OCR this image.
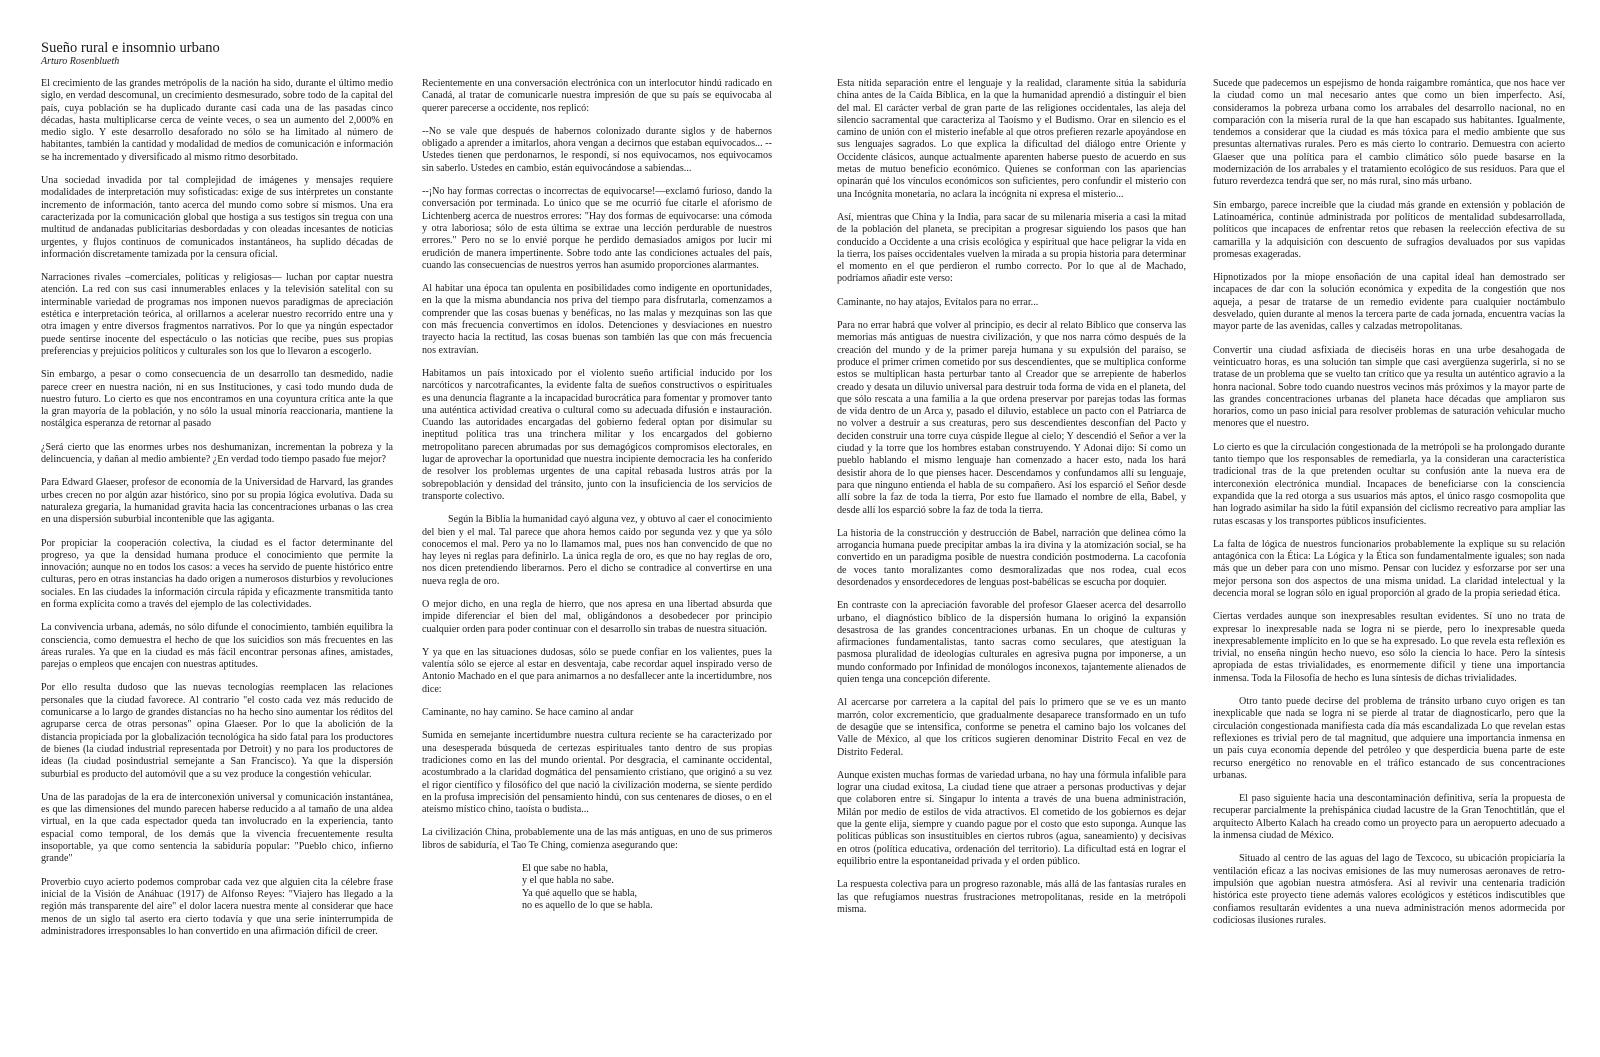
Sueño rural e insomnio urbano
Arturo Rosenblueth

El crecimiento de las grandes metrópolis de la nación ha sido, durante el último medio siglo, en verdad descomunal, un crecimiento desmesurado, sobre todo de la capital del país, cuya población se ha duplicado durante casi cada una de las pasadas cinco décadas, hasta multiplicarse cerca de veinte veces, o sea un aumento del 2,000% en medio siglo. Y este desarrollo desaforado no sólo se ha limitado al número de habitantes, también la cantidad y modalidad de medios de comunicación e información se ha incrementado y diversificado al mismo ritmo desorbitado.

Una sociedad invadida por tal complejidad de imágenes y mensajes requiere modalidades de interpretación muy sofisticadas: exige de sus intérpretes un constante incremento de información, tanto acerca del mundo como sobre sí mismos. Una era caracterizada por la comunicación global que hostiga a sus testigos sin tregua con una multitud de andanadas publicitarias desbordadas y con oleadas incesantes de noticias urgentes, y flujos continuos de comunicados instantáneos, ha suplido décadas de información discretamente tamizada por la censura oficial.

Narraciones rivales –comerciales, políticas y religiosas— luchan por captar nuestra atención. La red con sus casi innumerables enlaces y la televisión satelital con su interminable variedad de programas nos imponen nuevos paradigmas de apreciación estética e interpretación teórica, al orillarnos a acelerar nuestro recorrido entre una y otra imagen y entre diversos fragmentos narrativos. Por lo que ya ningún espectador puede sentirse inocente del espectáculo o las noticias que recibe, pues sus propias preferencias y prejuicios políticos y culturales son los que lo llevaron a escogerlo.

Sin embargo, a pesar o como consecuencia de un desarrollo tan desmedido, nadie parece creer en nuestra nación, ni en sus Instituciones, y casi todo mundo duda de nuestro futuro. Lo cierto es que nos encontramos en una coyuntura crítica ante la que la gran mayoría de la población, y no sólo la usual minoría reaccionaria, mantiene la nostálgica esperanza de retornar al pasado

¿Será cierto que las enormes urbes nos deshumanizan, incrementan la pobreza y la delincuencia, y dañan al medio ambiente? ¿En verdad todo tiempo pasado fue mejor?

Para Edward Glaeser, profesor de economía de la Universidad de Harvard, las grandes urbes crecen no por algún azar histórico, sino por su propia lógica evolutiva. Dada su naturaleza gregaria, la humanidad gravita hacia las concentraciones urbanas o las crea en una dispersión suburbial incontenible que las agiganta.

Por propiciar la cooperación colectiva, la ciudad es el factor determinante del progreso, ya que la densidad humana produce el conocimiento que permite la innovación; aunque no en todos los casos: a veces ha servido de puente histórico entre culturas, pero en otras instancias ha dado origen a numerosos disturbios y revoluciones sociales. En las ciudades la información circula rápida y eficazmente transmitida tanto en forma explícita como a través del ejemplo de las colectividades.

La convivencia urbana, además, no sólo difunde el conocimiento, también equilibra la consciencia, como demuestra el hecho de que los suicidios son más frecuentes en las áreas rurales. Ya que en la ciudad es más fácil encontrar personas afines, amistades, parejas o empleos que encajen con nuestras aptitudes.

Por ello resulta dudoso que las nuevas tecnologías reemplacen las relaciones personales que la ciudad favorece. Al contrario "el costo cada vez más reducido de comunicarse a lo largo de grandes distancias no ha hecho sino aumentar los réditos del agruparse cerca de otras personas" opina Glaeser. Por lo que la abolición de la distancia propiciada por la globalización tecnológica ha sido fatal para los productores de bienes (la ciudad industrial representada por Detroit) y no para los productores de ideas (la ciudad posindustrial semejante a San Francisco). Ya que la dispersión suburbial es producto del automóvil que a su vez produce la congestión vehicular.

Una de las paradojas de la era de interconexión universal y comunicación instantánea, es que las dimensiones del mundo parecen haberse reducido a al tamaño de una aldea virtual, en la que cada espectador queda tan involucrado en la experiencia, tanto espacial como temporal, de los demás que la vivencia frecuentemente resulta insoportable, ya que como sentencia la sabiduría popular: "Pueblo chico, infierno grande"

Proverbio cuyo acierto podemos comprobar cada vez que alguien cita la célebre frase inicial de la Visión de Anáhuac (1917) de Alfonso Reyes: "Viajero has llegado a la región más transparente del aire" el dolor lacera nuestra mente al considerar que hace menos de un siglo tal aserto era cierto todavía y que una serie ininterrumpida de administradores irresponsables lo han convertido en una afirmación difícil de creer.

Recientemente en una conversación electrónica con un interlocutor hindú radicado en Canadá, al tratar de comunicarle nuestra impresión de que su país se equivocaba al querer parecerse a occidente, nos replicó:

--No se vale que después de habernos colonizado durante siglos y de habernos obligado a aprender a imitarlos, ahora vengan a decirnos que estaban equivocados... --Ustedes tienen que perdonarnos, le respondí, sí nos equivocamos, nos equivocamos sin saberlo. Ustedes en cambio, están equivocándose a sabiendas...

--¡No hay formas correctas o incorrectas de equivocarse!—exclamó furioso, dando la conversación por terminada. Lo único que se me ocurrió fue citarle el aforismo de Lichtenberg acerca de nuestros errores: "Hay dos formas de equivocarse: una cómoda y otra laboriosa; sólo de esta última se extrae una lección perdurable de nuestros errores." Pero no se lo envié porque he perdido demasiados amigos por lucir mi erudición de manera impertinente. Sobre todo ante las condiciones actuales del país, cuando las consecuencias de nuestros yerros han asumido proporciones alarmantes.

Al habitar una época tan opulenta en posibilidades como indigente en oportunidades, en la que la misma abundancia nos priva del tiempo para disfrutarla, comenzamos a comprender que las cosas buenas y benéficas, no las malas y mezquinas son las que con más frecuencia convertimos en ídolos. Detenciones y desviaciones en nuestro trayecto hacia la rectitud, las cosas buenas son también las que con más frecuencia nos extravían.

Habitamos un país intoxicado por el violento sueño artificial inducido por los narcóticos y narcotraficantes, la evidente falta de sueños constructivos o espirituales es una denuncia flagrante a la incapacidad burocrática para fomentar y promover tanto una auténtica actividad creativa o cultural como su adecuada difusión e instauración. Cuando las autoridades encargadas del gobierno federal optan por disimular su ineptitud política tras una trinchera militar y los encargados del gobierno metropolitano parecen abrumadas por sus demagógicos compromisos electorales, en lugar de aprovechar la oportunidad que nuestra incipiente democracia les ha conferido de resolver los problemas urgentes de una capital rebasada lustros atrás por la sobrepoblación y densidad del tránsito, junto con la insuficiencia de los servicios de transporte colectivo.

Según la Biblia la humanidad cayó alguna vez, y obtuvo al caer el conocimiento del bien y el mal. Tal parece que ahora hemos caído por segunda vez y que ya sólo conocemos el mal. Pero ya no lo llamamos mal, pues nos han convencido de que no hay leyes ni reglas para definirlo. La única regla de oro, es que no hay reglas de oro, nos dicen pretendiendo liberarnos. Pero el dicho se contradice al convertirse en una nueva regla de oro.

O mejor dicho, en una regla de hierro, que nos apresa en una libertad absurda que impide diferenciar el bien del mal, obligándonos a desobedecer por principio cualquier orden para poder continuar con el desarrollo sin trabas de nuestra situación.

Y ya que en las situaciones dudosas, sólo se puede confiar en los valientes, pues la valentía sólo se ejerce al estar en desventaja, cabe recordar aquel inspirado verso de Antonio Machado en el que para animarnos a no desfallecer ante la incertidumbre, nos dice:

Caminante, no hay camino. Se hace camino al andar

Sumida en semejante incertidumbre nuestra cultura reciente se ha caracterizado por una desesperada búsqueda de certezas espirituales tanto dentro de sus propias tradiciones como en las del mundo oriental. Por desgracia, el caminante occidental, acostumbrado a la claridad dogmática del pensamiento cristiano, que originó a su vez el rigor científico y filosófico del que nació la civilización moderna, se siente perdido en la profusa imprecisión del pensamiento hindú, con sus centenares de dioses, o en el ateísmo místico chino, taoísta o budista...

La civilización China, probablemente una de las más antiguas, en uno de sus primeros libros de sabiduría, el Tao Te Ching, comienza asegurando que:

El que sabe no habla,

y el que habla no sabe.

Ya qué aquello que se habla,

no es aquello de lo que se habla.

Esta nítida separación entre el lenguaje y la realidad, claramente sitúa la sabiduría china antes de la Caída Bíblica, en la que la humanidad aprendió a distinguir el bien del mal. El carácter verbal de gran parte de las religiones occidentales, las aleja del silencio sacramental que caracteriza al Taoísmo y el Budismo. Orar en silencio es el camino de unión con el misterio inefable al que otros prefieren rezarle apoyándose en sus lenguajes sagrados. Lo que explica la dificultad del diálogo entre Oriente y Occidente clásicos, aunque actualmente aparenten haberse puesto de acuerdo en sus metas de mutuo beneficio económico. Quienes se conforman con las apariencias opinarán qué los vínculos económicos son suficientes, pero confundir el misterio con una Incógnita monetaria, no aclara la incógnita ni expresa el misterio...

Así, mientras que China y la India, para sacar de su milenaria miseria a casi la mitad de la población del planeta, se precipitan a progresar siguiendo los pasos que han conducido a Occidente a una crisis ecológica y espiritual que hace peligrar la vida en la tierra, los países occidentales vuelven la mirada a su propia historia para determinar el momento en el que perdieron el rumbo correcto. Por lo que al de Machado, podríamos añadir este verso:

Caminante, no hay atajos, Evítalos para no errar...

Para no errar habrá que volver al principio, es decir al relato Bíblico que conserva las memorias más antiguas de nuestra civilización, y que nos narra cómo después de la creación del mundo y de la primer pareja humana y su expulsión del paraíso, se produce el primer crimen cometido por sus descendientes, que se multiplica conforme estos se multiplican hasta perturbar tanto al Creador que se arrepiente de haberlos creado y desata un diluvio universal para destruir toda forma de vida en el planeta, del que sólo rescata a una familia a la que ordena preservar por parejas todas las formas de vida dentro de un Arca y, pasado el diluvio, establece un pacto con el Patriarca de no volver a destruir a sus creaturas, pero sus descendientes desconfían del Pacto y deciden construir una torre cuya cúspide llegue al cielo; Y descendió el Señor a ver la ciudad y la torre que los hombres estaban construyendo. Y Adonai dijo: Sí como un pueblo hablando el mismo lenguaje han comenzado a hacer esto, nada los hará desistir ahora de lo que pienses hacer. Descendamos y confundamos allí su lenguaje, para que ninguno entienda el habla de su compañero. Así los esparció el Señor desde allí sobre la faz de toda la tierra, Por esto fue llamado el nombre de ella, Babel, y desde allí los esparció sobre la faz de toda la tierra.

La historia de la construcción y destrucción de Babel, narración que delinea cómo la arrogancia humana puede precipitar ambas la ira divina y la atomización social, se ha convertido en un paradigma posible de nuestra condición postmoderna. La cacofonía de voces tanto moralizantes como desmoralizadas que nos rodea, cual ecos desordenados y ensordecedores de lenguas post-babélicas se escucha por doquier.

En contraste con la apreciación favorable del profesor Glaeser acerca del desarrollo urbano, el diagnóstico bíblico de la dispersión humana lo originó la expansión desastrosa de las grandes concentraciones urbanas. En un choque de culturas y afirmaciones fundamentalistas, tanto sacras como seculares, que atestiguan la pasmosa pluralidad de ideologías culturales en agresiva pugna por imponerse, a un mundo conformado por Infinidad de monólogos inconexos, tajantemente alienados de quien tenga una concepción diferente.

Al acercarse por carretera a la capital del país lo primero que se ve es un manto marrón, color excrementicio, que gradualmente desaparece transformado en un tufo de desagüe que se intensifica, conforme se penetra el camino bajo los volcanes del Valle de México, al que los críticos sugieren denominar Distrito Fecal en vez de Distrito Federal.

Aunque existen muchas formas de variedad urbana, no hay una fórmula infalible para lograr una ciudad exitosa, La ciudad tiene que atraer a personas productivas y dejar que colaboren entre sí. Singapur lo intenta a través de una buena administración, Milán por medio de estilos de vida atractivos. El cometido de los gobiernos es dejar que la gente elija, siempre y cuando pague por el costo que esto suponga. Aunque las políticas públicas son insustituibles en ciertos rubros (agua, saneamiento) y decisivas en otros (política educativa, ordenación del territorio). La dificultad está en lograr el equilibrio entre la espontaneidad privada y el orden público.

La respuesta colectiva para un progreso razonable, más allá de las fantasías rurales en las que refugiamos nuestras frustraciones metropolitanas, reside en la metrópoli misma.

Sucede que padecemos un espejismo de honda raigambre romántica, que nos hace ver la ciudad como un mal necesario antes que como un bien imperfecto. Así, consideramos la pobreza urbana como los arrabales del desarrollo nacional, no en comparación con la miseria rural de la que han escapado sus habitantes. Igualmente, tendemos a considerar que la ciudad es más tóxica para el medio ambiente que sus presuntas alternativas rurales. Pero es más cierto lo contrario. Demuestra con acierto Glaeser que una política para el cambio climático sólo puede basarse en la modernización de los arrabales y el tratamiento ecológico de sus residuos. Para que el futuro reverdezca tendrá que ser, no más rural, sino más urbano.

Sin embargo, parece increíble que la ciudad más grande en extensión y población de Latinoamérica, continúe administrada por políticos de mentalidad subdesarrollada, políticos que incapaces de enfrentar retos que rebasen la reelección efectiva de su camarilla y la adquisición con descuento de sufragios devaluados por sus vapidas promesas exageradas.

Hipnotizados por la miope ensoñación de una capital ideal han demostrado ser incapaces de dar con la solución económica y expedita de la congestión que nos aqueja, a pesar de tratarse de un remedio evidente para cualquier noctámbulo desvelado, quien durante al menos la tercera parte de cada jornada, encuentra vacías la mayor parte de las avenidas, calles y calzadas metropolitanas.

Convertir una ciudad asfixiada de dieciséis horas en una urbe desahogada de veinticuatro horas, es una solución tan simple que casi avergüenza sugerirla, si no se tratase de un problema que se vuelto tan crítico que ya resulta un auténtico agravio a la honra nacional. Sobre todo cuando nuestros vecinos más próximos y la mayor parte de las grandes concentraciones urbanas del planeta hace décadas que ampliaron sus horarios, como un paso inicial para resolver problemas de saturación vehicular mucho menores que el nuestro.

Lo cierto es que la circulación congestionada de la metrópoli se ha prolongado durante tanto tiempo que los responsables de remediarla, ya la consideran una característica tradicional tras de la que pretenden ocultar su confusión ante la nueva era de interconexión electrónica mundial. Incapaces de beneficiarse con la consciencia expandida que la red otorga a sus usuarios más aptos, el único rasgo cosmopolita que han logrado asimilar ha sido la fútil expansión del ciclismo recreativo para ampliar las rutas escasas y los transportes públicos insuficientes.

La falta de lógica de nuestros funcionarios probablemente la explique su su relación antagónica con la Ética: La Lógica y la Ética son fundamentalmente iguales; son nada más que un deber para con uno mismo. Pensar con lucidez y esforzarse por ser una mejor persona son dos aspectos de una misma unidad. La claridad intelectual y la decencia moral se logran sólo en igual proporción al grado de la propia seriedad ética.

Ciertas verdades aunque son inexpresables resultan evidentes. Sí uno no trata de expresar lo inexpresable nada se logra ni se pierde, pero lo inexpresable queda inexpresablemente implícito en lo que se ha expresado. Lo que revela esta reflexión es trivial, no enseña ningún hecho nuevo, eso sólo la ciencia lo hace. Pero la síntesis apropiada de estas trivialidades, es enormemente difícil y tiene una importancia inmensa. Toda la Filosofía de hecho es luna síntesis de dichas trivialidades.

Otro tanto puede decirse del problema de tránsito urbano cuyo origen es tan inexplicable que nada se logra ni se pierde al tratar de diagnosticarlo, pero que la circulación congestionada manifiesta cada día más escandalizada Lo que revelan estas reflexiones es trivial pero de tal magnitud, que adquiere una importancia inmensa en un país cuya economía depende del petróleo y que desperdicia buena parte de este recurso energético no renovable en el tráfico estancado de sus concentraciones urbanas.

El paso siguiente hacia una descontaminación definitiva, sería la propuesta de recuperar parcialmente la prehispánica ciudad lacustre de la Gran Tenochtitlán, que el arquitecto Alberto Kalach ha creado como un proyecto para un aeropuerto adecuado a la inmensa ciudad de México.

Situado al centro de las aguas del lago de Texcoco, su ubicación propiciaría la ventilación eficaz a las nocivas emisiones de las muy numerosas aeronaves de retro-impulsión que agobian nuestra atmósfera. Así al revivir una centenaria tradición histórica este proyecto tiene además valores ecológicos y estéticos indiscutibles que confiamos resultarán evidentes a una nueva administración menos adormecida por codiciosas ilusiones rurales.
